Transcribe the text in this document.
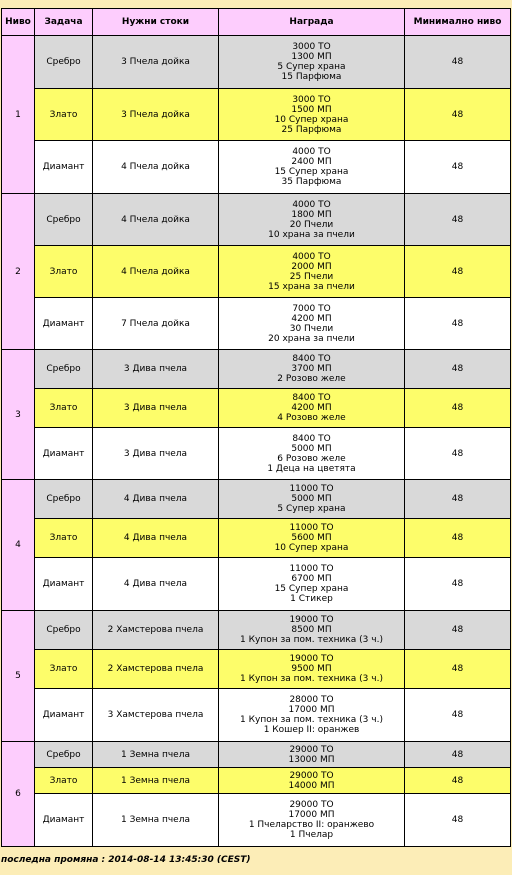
Ниво	Задача	Нужни стоки	Награда	Минимално ниво
1	Сребро	3 Пчела дойка	3000 ТО
1300 МП
5 Супер храна
15 Парфюма	48
	Злато	3 Пчела дойка	3000 ТО
1500 МП
10 Супер храна
25 Парфюма	48
	Диамант	4 Пчела дойка	4000 ТО
2400 МП
15 Супер храна
35 Парфюма	48
2	Сребро	4 Пчела дойка	4000 ТО
1800 МП
20 Пчели
10 храна за пчели	48
	Злато	4 Пчела дойка	4000 ТО
2000 МП
25 Пчели
15 храна за пчели	48
	Диамант	7 Пчела дойка	7000 ТО
4200 МП
30 Пчели
20 храна за пчели	48
3	Сребро	3 Дива пчела	8400 ТО
3700 МП
2 Розово желе	48
	Злато	3 Дива пчела	8400 ТО
4200 МП
4 Розово желе	48
	Диамант	3 Дива пчела	8400 ТО
5000 МП
6 Розово желе
1 Деца на цветята	48
4	Сребро	4 Дива пчела	11000 ТО
5000 МП
5 Супер храна	48
	Злато	4 Дива пчела	11000 ТО
5600 МП
10 Супер храна	48
	Диамант	4 Дива пчела	11000 ТО
6700 МП
15 Супер храна
1 Стикер	48
5	Сребро	2 Хамстерова пчела	19000 ТО
8500 МП
1 Купон за пом. техника (3 ч.)	48
	Злато	2 Хамстерова пчела	19000 ТО
9500 МП
1 Купон за пом. техника (3 ч.)	48
	Диамант	3 Хамстерова пчела	28000 ТО
17000 МП
1 Купон за пом. техника (3 ч.)
1 Кошер II: оранжев	48
6	Сребро	1 Земна пчела	29000 ТО
13000 МП	48
	Злато	1 Земна пчела	29000 ТО
14000 МП	48
	Диамант	1 Земна пчела	29000 ТО
17000 МП
1 Пчеларство II: оранжево
1 Пчелар	48
последна промяна : 2014-08-14 13:45:30 (CEST)
